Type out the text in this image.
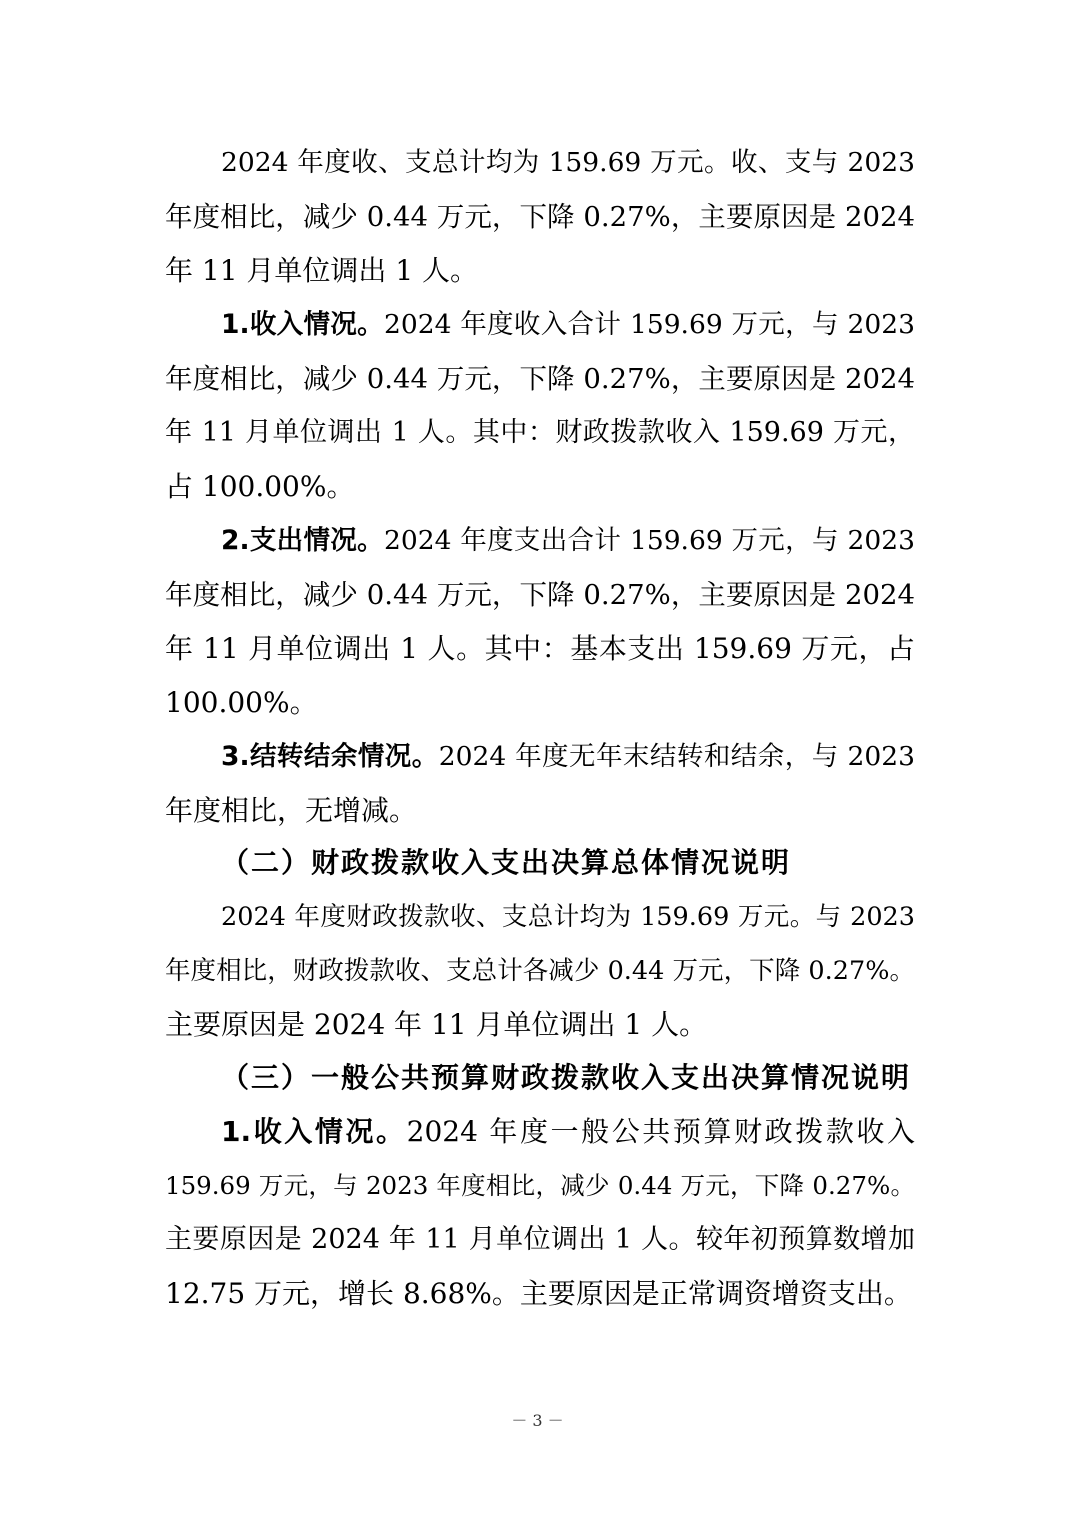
2024 年度收、支总计均为 159.69 万元。收、支与 2023
年度相比，减少 0.44 万元，下降 0.27%，主要原因是 2024
年 11 月单位调出 1 人。
1.收入情况。2024 年度收入合计 159.69 万元，与 2023
年度相比，减少 0.44 万元，下降 0.27%，主要原因是 2024
年 11 月单位调出 1 人。其中：财政拨款收入 159.69 万元，
占 100.00%。
2.支出情况。2024 年度支出合计 159.69 万元，与 2023
年度相比，减少 0.44 万元，下降 0.27%，主要原因是 2024
年 11 月单位调出 1 人。其中：基本支出 159.69 万元，占
100.00%。
3.结转结余情况。2024 年度无年末结转和结余，与 2023
年度相比，无增减。
（二）财政拨款收入支出决算总体情况说明
2024 年度财政拨款收、支总计均为 159.69 万元。与 2023
年度相比，财政拨款收、支总计各减少 0.44 万元，下降 0.27%。
主要原因是 2024 年 11 月单位调出 1 人。
（三）一般公共预算财政拨款收入支出决算情况说明
1.收入情况。2024 年度一般公共预算财政拨款收入
159.69 万元，与 2023 年度相比，减少 0.44 万元，下降 0.27%。
主要原因是 2024 年 11 月单位调出 1 人。较年初预算数增加
12.75 万元，增长 8.68%。主要原因是正常调资增资支出。
－ 3 －
